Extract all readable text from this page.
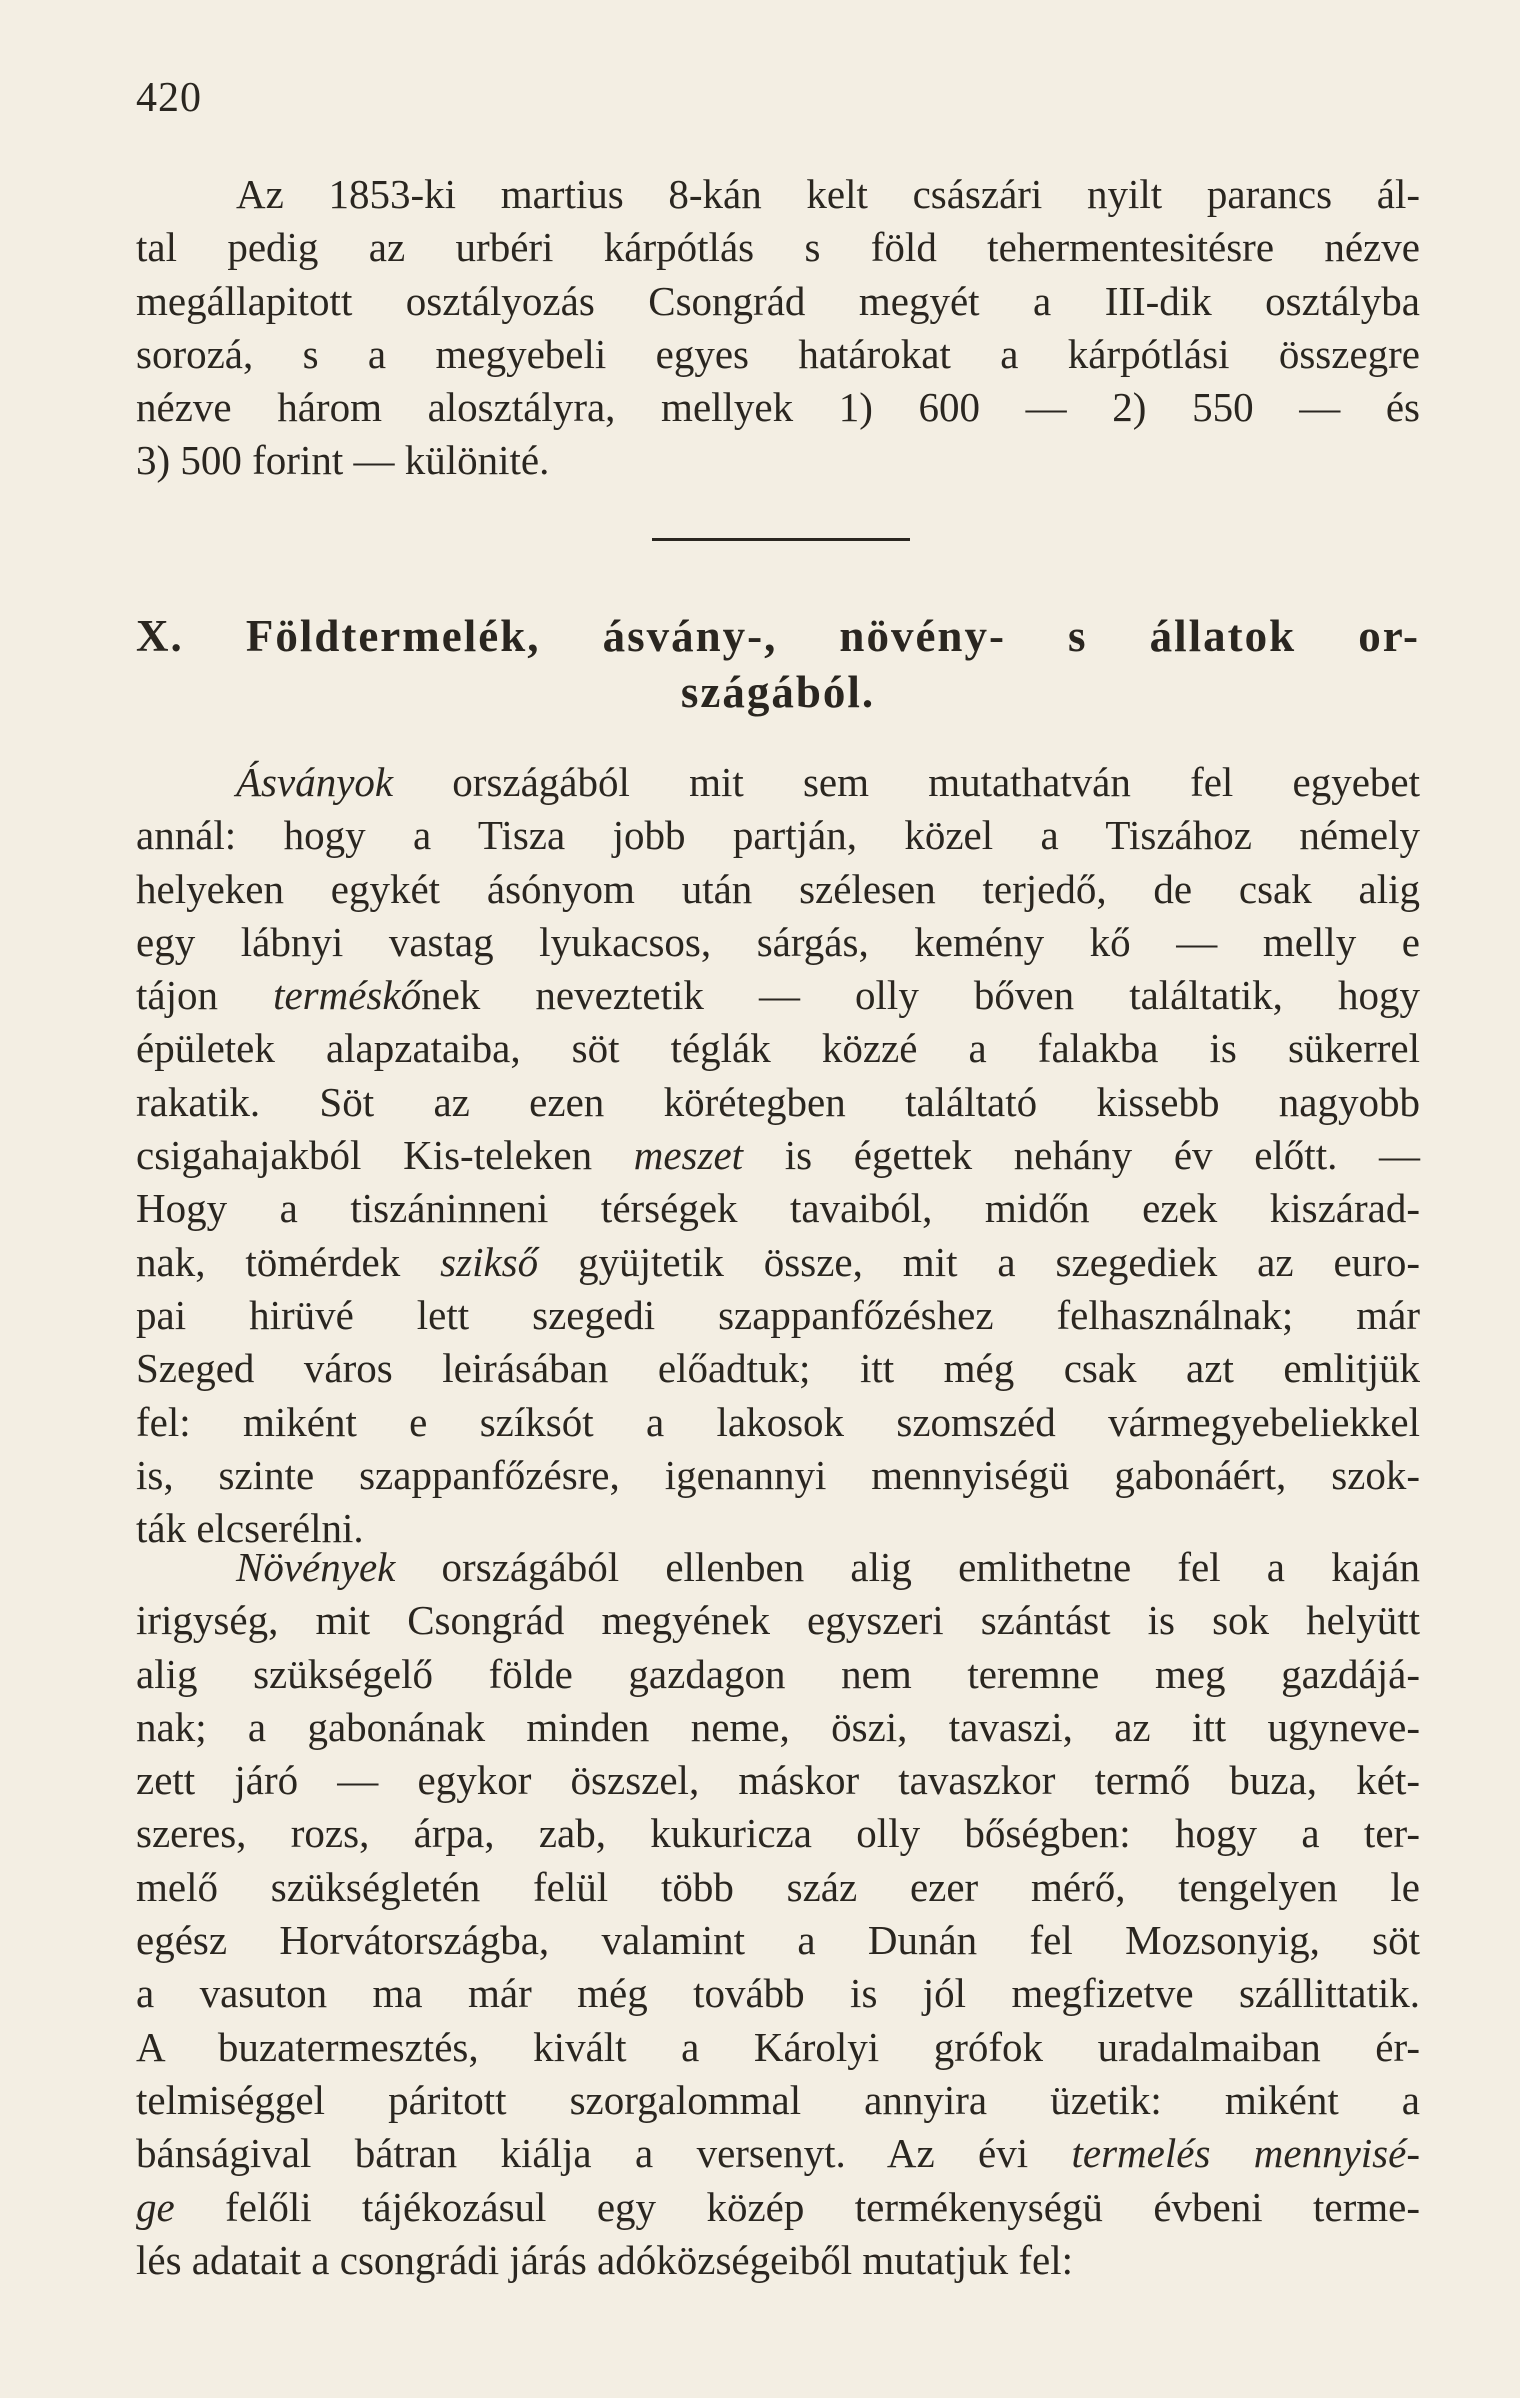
420
Az 1853-ki martius 8-kán kelt császári nyilt parancs ál-
tal pedig az urbéri kárpótlás s föld tehermentesitésre nézve
megállapitott osztályozás Csongrád megyét a III-dik osztályba
sorozá, s a megyebeli egyes határokat a kárpótlási összegre
nézve három alosztályra, mellyek 1) 600 — 2) 550 — és
3) 500 forint — különité.
X. Földtermelék, ásvány-, növény- s állatok or-
szágából.
Ásványok országából mit sem mutathatván fel egyebet
annál: hogy a Tisza jobb partján, közel a Tiszához némely
helyeken egykét ásónyom után szélesen terjedő, de csak alig
egy lábnyi vastag lyukacsos, sárgás, kemény kő — melly e
tájon terméskőnek neveztetik — olly bőven találtatik, hogy
épületek alapzataiba, söt téglák közzé a falakba is sükerrel
rakatik. Söt az ezen körétegben találtató kissebb nagyobb
csigahajakból Kis-teleken meszet is égettek nehány év előtt. —
Hogy a tiszáninneni térségek tavaiból, midőn ezek kiszárad-
nak, tömérdek szikső gyüjtetik össze, mit a szegediek az euro-
pai hirüvé lett szegedi szappanfőzéshez felhasználnak; már
Szeged város leirásában előadtuk; itt még csak azt emlitjük
fel: miként e szíksót a lakosok szomszéd vármegyebeliekkel
is, szinte szappanfőzésre, igenannyi mennyiségü gabonáért, szok-
ták elcserélni.
Növények országából ellenben alig emlithetne fel a kaján
irigység, mit Csongrád megyének egyszeri szántást is sok helyütt
alig szükségelő földe gazdagon nem teremne meg gazdájá-
nak; a gabonának minden neme, öszi, tavaszi, az itt ugyneve-
zett járó — egykor öszszel, máskor tavaszkor termő buza, két-
szeres, rozs, árpa, zab, kukuricza olly bőségben: hogy a ter-
melő szükségletén felül több száz ezer mérő, tengelyen le
egész Horvátországba, valamint a Dunán fel Mozsonyig, söt
a vasuton ma már még tovább is jól megfizetve szállittatik.
A buzatermesztés, kivált a Károlyi grófok uradalmaiban ér-
telmiséggel páritott szorgalommal annyira üzetik: miként a
bánságival bátran kiálja a versenyt. Az évi termelés mennyisé-
ge felőli tájékozásul egy közép termékenységü évbeni terme-
lés adatait a csongrádi járás adóközségeiből mutatjuk fel:
